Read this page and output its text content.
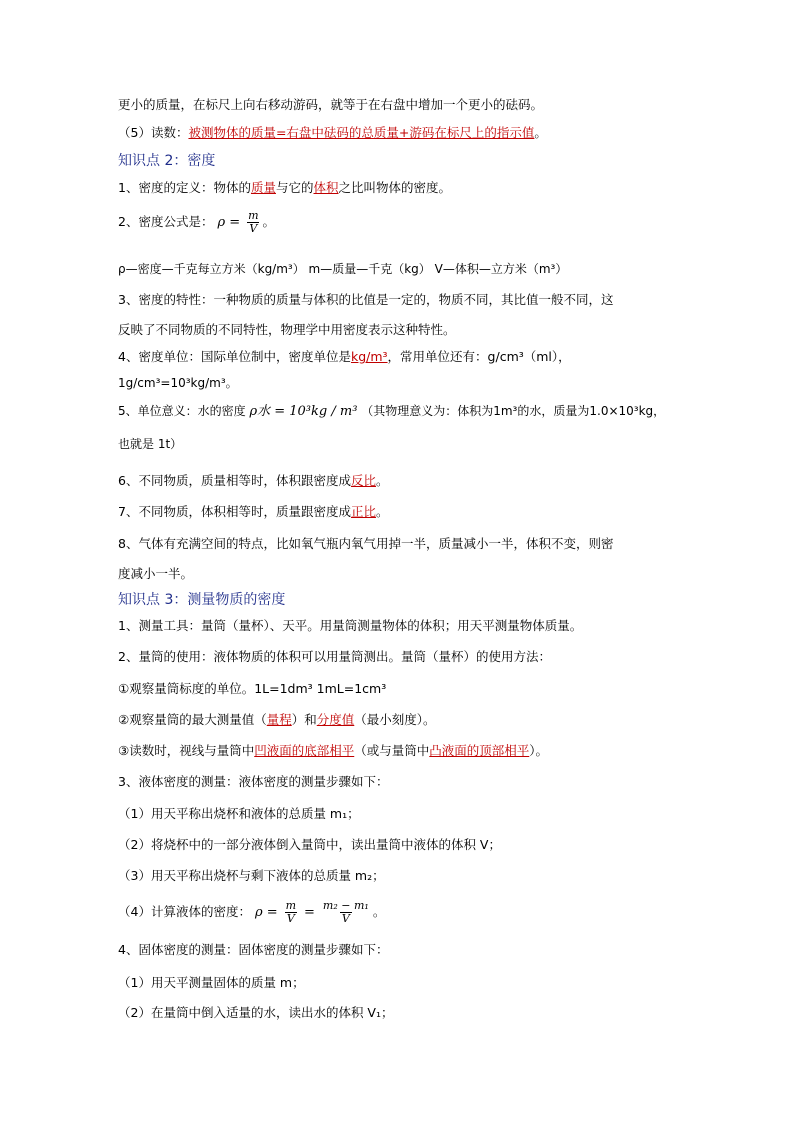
更小的质量，在标尺上向右移动游码，就等于在右盘中增加一个更小的砝码。
（5）读数：被测物体的质量=右盘中砝码的总质量+游码在标尺上的指示值。
知识点 2：密度
1、密度的定义：物体的质量与它的体积之比叫物体的密度。
2、密度公式是： $\rho = \frac{m}{V}$ 。
ρ—密度—千克每立方米（kg/m³） m—质量—千克（kg） V—体积—立方米（m³）
3、密度的特性：一种物质的质量与体积的比值是一定的，物质不同，其比值一般不同，这
反映了不同物质的不同特性，物理学中用密度表示这种特性。
4、密度单位：国际单位制中，密度单位是kg/m³，常用单位还有：g/cm³（ml），
1g/cm³=10³kg/m³。
5、单位意义：水的密度 ρ水 = 10³kg / m³ （其物理意义为：体积为1m³的水，质量为1.0×10³kg，
也就是 1t）
6、不同物质，质量相等时，体积跟密度成反比。
7、不同物质，体积相等时，质量跟密度成正比。
8、气体有充满空间的特点，比如氧气瓶内氧气用掉一半，质量减小一半，体积不变，则密
度减小一半。
知识点 3：测量物质的密度
1、测量工具：量筒（量杯）、天平。用量筒测量物体的体积；用天平测量物体质量。
2、量筒的使用：液体物质的体积可以用量筒测出。量筒（量杯）的使用方法：
①观察量筒标度的单位。1L=1dm³ 1mL=1cm³
②观察量筒的最大测量值（量程）和分度值（最小刻度）。
③读数时，视线与量筒中凹液面的底部相平（或与量筒中凸液面的顶部相平）。
3、液体密度的测量：液体密度的测量步骤如下：
（1）用天平称出烧杯和液体的总质量 m₁；
（2）将烧杯中的一部分液体倒入量筒中，读出量筒中液体的体积 V；
（3）用天平称出烧杯与剩下液体的总质量 m₂；
（4）计算液体的密度： $\rho = \frac{m}{V} = \frac{\text{m₂ − m₁}}{V}$ 。
4、固体密度的测量：固体密度的测量步骤如下：
（1）用天平测量固体的质量 m；
（2）在量筒中倒入适量的水，读出水的体积 V₁；
